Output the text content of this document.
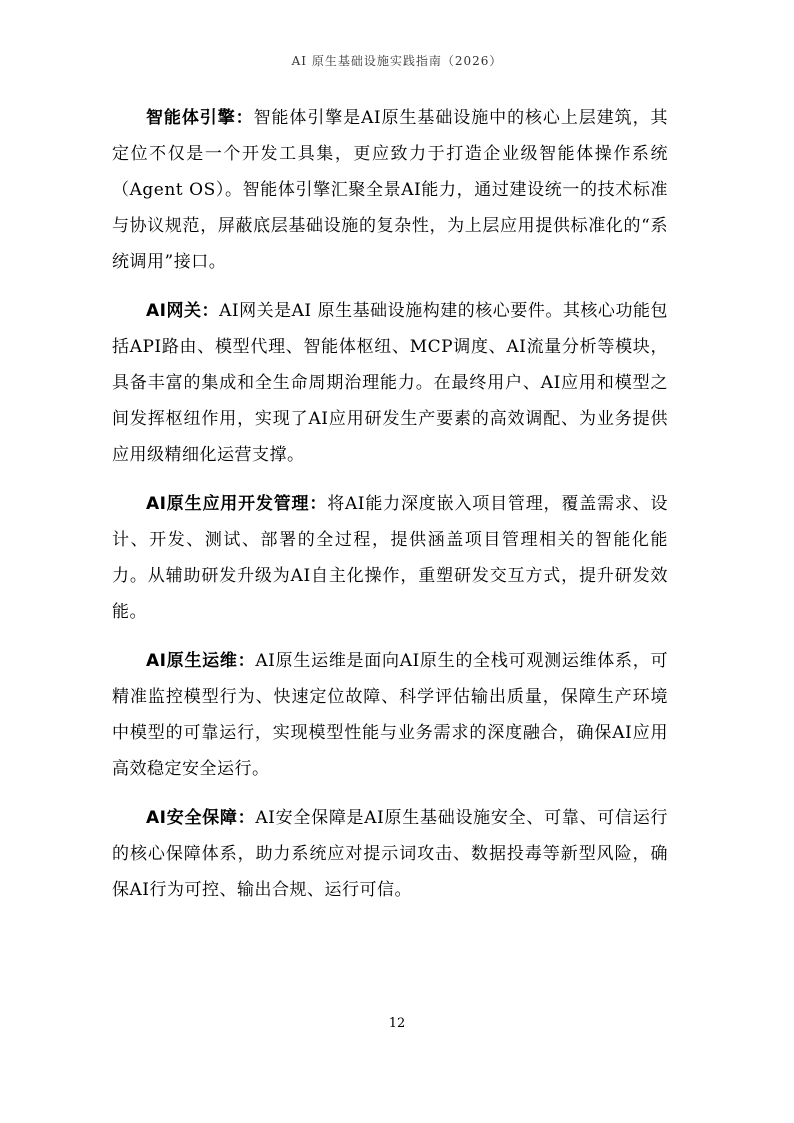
AI 原生基础设施实践指南（2026）

智能体引擎：智能体引擎是AI原生基础设施中的核心上层建筑，其定位不仅是一个开发工具集，更应致力于打造企业级智能体操作系统（Agent OS）。智能体引擎汇聚全景AI能力，通过建设统一的技术标准与协议规范，屏蔽底层基础设施的复杂性，为上层应用提供标准化的“系统调用”接口。

AI网关：AI网关是AI 原生基础设施构建的核心要件。其核心功能包括API路由、模型代理、智能体枢纽、MCP调度、AI流量分析等模块，具备丰富的集成和全生命周期治理能力。在最终用户、AI应用和模型之间发挥枢纽作用，实现了AI应用研发生产要素的高效调配、为业务提供应用级精细化运营支撑。

AI原生应用开发管理：将AI能力深度嵌入项目管理，覆盖需求、设计、开发、测试、部署的全过程，提供涵盖项目管理相关的智能化能力。从辅助研发升级为AI自主化操作，重塑研发交互方式，提升研发效能。

AI原生运维：AI原生运维是面向AI原生的全栈可观测运维体系，可精准监控模型行为、快速定位故障、科学评估输出质量，保障生产环境中模型的可靠运行，实现模型性能与业务需求的深度融合，确保AI应用高效稳定安全运行。

AI安全保障：AI安全保障是AI原生基础设施安全、可靠、可信运行的核心保障体系，助力系统应对提示词攻击、数据投毒等新型风险，确保AI行为可控、输出合规、运行可信。

12
